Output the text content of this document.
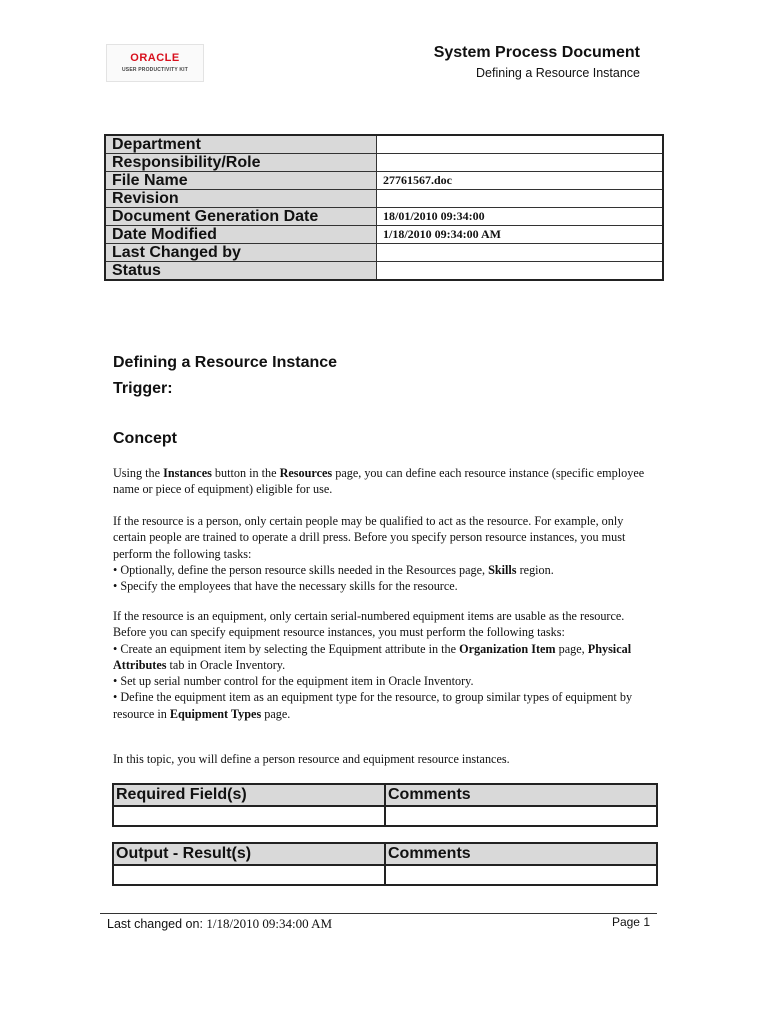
ORACLE
USER PRODUCTIVITY KIT
System Process Document
Defining a Resource Instance
Department	
Responsibility/Role	
File Name	27761567.doc
Revision	
Document Generation Date	18/01/2010 09:34:00
Date Modified	1/18/2010 09:34:00 AM
Last Changed by	
Status	
Defining a Resource Instance
Trigger:
Concept

Using the Instances button in the Resources page, you can define each resource instance (specific employee name or piece of equipment) eligible for use.

If the resource is a person, only certain people may be qualified to act as the resource. For example, only certain people are trained to operate a drill press. Before you specify person resource instances, you must perform the following tasks:
• Optionally, define the person resource skills needed in the Resources page, Skills region.
• Specify the employees that have the necessary skills for the resource.

If the resource is an equipment, only certain serial-numbered equipment items are usable as the resource. Before you can specify equipment resource instances, you must perform the following tasks:
• Create an equipment item by selecting the Equipment attribute in the Organization Item page, Physical Attributes tab in Oracle Inventory.
• Set up serial number control for the equipment item in Oracle Inventory.
• Define the equipment item as an equipment type for the resource, to group similar types of equipment by resource in Equipment Types page.

In this topic, you will define a person resource and equipment resource instances.

Required Field(s)	Comments

Output - Result(s)	Comments

Last changed on: 1/18/2010 09:34:00 AM	Page 1
